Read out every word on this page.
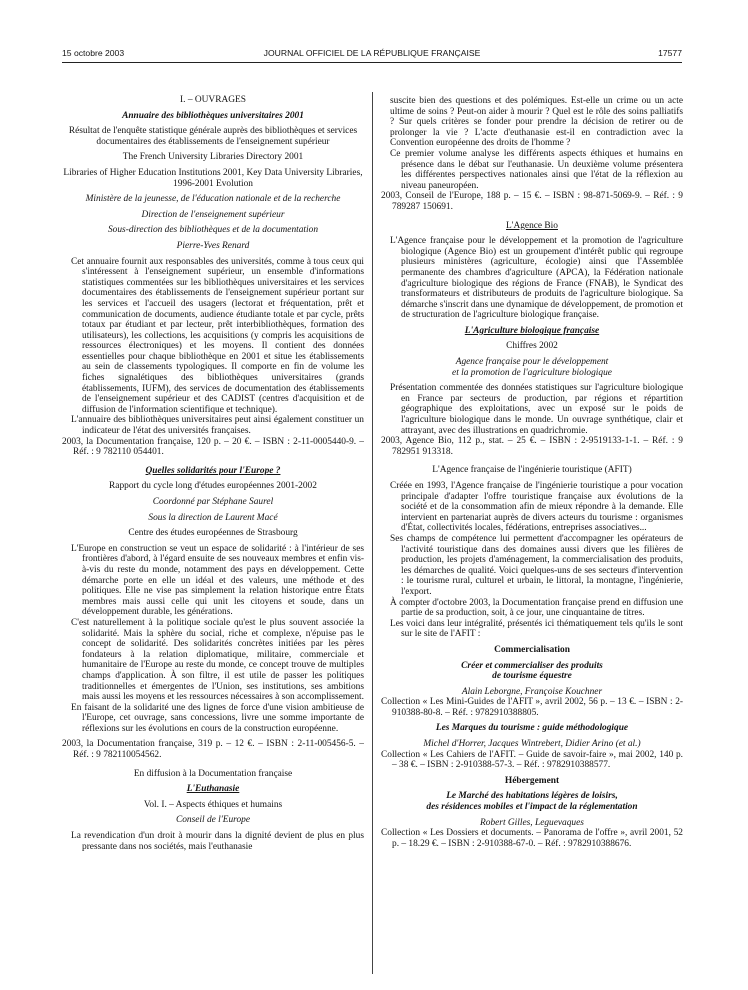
15 octobre 2003	JOURNAL OFFICIEL DE LA RÉPUBLIQUE FRANÇAISE	17577

I. – OUVRAGES

Annuaire des bibliothèques universitaires 2001

Résultat de l'enquête statistique générale auprès des bibliothèques et services documentaires des établissements de l'enseignement supérieur

The French University Libraries Directory 2001

Libraries of Higher Education Institutions 2001, Key Data University Libraries, 1996-2001 Evolution

Ministère de la jeunesse, de l'éducation nationale et de la recherche

Direction de l'enseignement supérieur

Sous-direction des bibliothèques et de la documentation

Pierre-Yves Renard

Cet annuaire fournit aux responsables des universités, comme à tous ceux qui s'intéressent à l'enseignement supérieur, un ensemble d'informations statistiques commentées sur les bibliothèques universitaires et les services documentaires des établissements de l'enseignement supérieur portant sur les services et l'accueil des usagers (lectorat et fréquentation, prêt et communication de documents, audience étudiante totale et par cycle, prêts totaux par étudiant et par lecteur, prêt interbibliothèques, formation des utilisateurs), les collections, les acquisitions (y compris les acquisitions de ressources électroniques) et les moyens. Il contient des données essentielles pour chaque bibliothèque en 2001 et situe les établissements au sein de classements typologiques. Il comporte en fin de volume les fiches signalétiques des bibliothèques universitaires (grands établissements, IUFM), des services de documentation des établissements de l'enseignement supérieur et des CADIST (centres d'acquisition et de diffusion de l'information scientifique et technique).

L'annuaire des bibliothèques universitaires peut ainsi également constituer un indicateur de l'état des universités françaises.

2003, la Documentation française, 120 p. – 20 €. – ISBN : 2-11-0005440-9. – Réf. : 9 782110 054401.

Quelles solidarités pour l'Europe ?

Rapport du cycle long d'études européennes 2001-2002

Coordonné par Stéphane Saurel

Sous la direction de Laurent Macé

Centre des études européennes de Strasbourg

L'Europe en construction se veut un espace de solidarité : à l'intérieur de ses frontières d'abord, à l'égard ensuite de ses nouveaux membres et enfin vis-à-vis du reste du monde, notamment des pays en développement. Cette démarche porte en elle un idéal et des valeurs, une méthode et des politiques. Elle ne vise pas simplement la relation historique entre États membres mais aussi celle qui unit les citoyens et soude, dans un développement durable, les générations.

C'est naturellement à la politique sociale qu'est le plus souvent associée la solidarité. Mais la sphère du social, riche et complexe, n'épuise pas le concept de solidarité. Des solidarités concrètes initiées par les pères fondateurs à la relation diplomatique, militaire, commerciale et humanitaire de l'Europe au reste du monde, ce concept trouve de multiples champs d'application. À son filtre, il est utile de passer les politiques traditionnelles et émergentes de l'Union, ses institutions, ses ambitions mais aussi les moyens et les ressources nécessaires à son accomplissement.

En faisant de la solidarité une des lignes de force d'une vision ambitieuse de l'Europe, cet ouvrage, sans concessions, livre une somme importante de réflexions sur les évolutions en cours de la construction européenne.

2003, la Documentation française, 319 p. – 12 €. – ISBN : 2-11-005456-5. – Réf. : 9 782110054562.

En diffusion à la Documentation française

L'Euthanasie

Vol. I. – Aspects éthiques et humains

Conseil de l'Europe

La revendication d'un droit à mourir dans la dignité devient de plus en plus pressante dans nos sociétés, mais l'euthanasie

suscite bien des questions et des polémiques. Est-elle un crime ou un acte ultime de soins ? Peut-on aider à mourir ? Quel est le rôle des soins palliatifs ? Sur quels critères se fonder pour prendre la décision de retirer ou de prolonger la vie ? L'acte d'euthanasie est-il en contradiction avec la Convention européenne des droits de l'homme ?

Ce premier volume analyse les différents aspects éthiques et humains en présence dans le débat sur l'euthanasie. Un deuxième volume présentera les différentes perspectives nationales ainsi que l'état de la réflexion au niveau paneuropéen.

2003, Conseil de l'Europe, 188 p. – 15 €. – ISBN : 98-871-5069-9. – Réf. : 9 789287 150691.

L'Agence Bio

L'Agence française pour le développement et la promotion de l'agriculture biologique (Agence Bio) est un groupement d'intérêt public qui regroupe plusieurs ministères (agriculture, écologie) ainsi que l'Assemblée permanente des chambres d'agriculture (APCA), la Fédération nationale d'agriculture biologique des régions de France (FNAB), le Syndicat des transformateurs et distributeurs de produits de l'agriculture biologique. Sa démarche s'inscrit dans une dynamique de développement, de promotion et de structuration de l'agriculture biologique française.

L'Agriculture biologique française

Chiffres 2002

Agence française pour le développement

et la promotion de l'agriculture biologique

Présentation commentée des données statistiques sur l'agriculture biologique en France par secteurs de production, par régions et répartition géographique des exploitations, avec un exposé sur le poids de l'agriculture biologique dans le monde. Un ouvrage synthétique, clair et attrayant, avec des illustrations en quadrichromie.

2003, Agence Bio, 112 p., stat. – 25 €. – ISBN : 2-9519133-1-1. – Réf. : 9 782951 913318.

L'Agence française de l'ingénierie touristique (AFIT)

Créée en 1993, l'Agence française de l'ingénierie touristique a pour vocation principale d'adapter l'offre touristique française aux évolutions de la société et de la consommation afin de mieux répondre à la demande. Elle intervient en partenariat auprès de divers acteurs du tourisme : organismes d'État, collectivités locales, fédérations, entreprises associatives...

Ses champs de compétence lui permettent d'accompagner les opérateurs de l'activité touristique dans des domaines aussi divers que les filières de production, les projets d'aménagement, la commercialisation des produits, les démarches de qualité. Voici quelques-uns de ses secteurs d'intervention : le tourisme rural, culturel et urbain, le littoral, la montagne, l'ingénierie, l'export.

À compter d'octobre 2003, la Documentation française prend en diffusion une partie de sa production, soit, à ce jour, une cinquantaine de titres.

Les voici dans leur intégralité, présentés ici thématiquement tels qu'ils le sont sur le site de l'AFIT :

Commercialisation

Créer et commercialiser des produits

de tourisme équestre

Alain Leborgne, Françoise Kouchner

Collection « Les Mini-Guides de l'AFIT », avril 2002, 56 p. – 13 €. – ISBN : 2-910388-80-8. – Réf. : 9782910388805.

Les Marques du tourisme : guide méthodologique

Michel d'Horrer, Jacques Wintrebert, Didier Arino (et al.)

Collection « Les Cahiers de l'AFIT. – Guide de savoir-faire », mai 2002, 140 p. – 38 €. – ISBN : 2-910388-57-3. – Réf. : 9782910388577.

Hébergement

Le Marché des habitations légères de loisirs,

des résidences mobiles et l'impact de la réglementation

Robert Gilles, Leguevaques

Collection « Les Dossiers et documents. – Panorama de l'offre », avril 2001, 52 p. – 18.29 €. – ISBN : 2-910388-67-0. – Réf. : 9782910388676.
